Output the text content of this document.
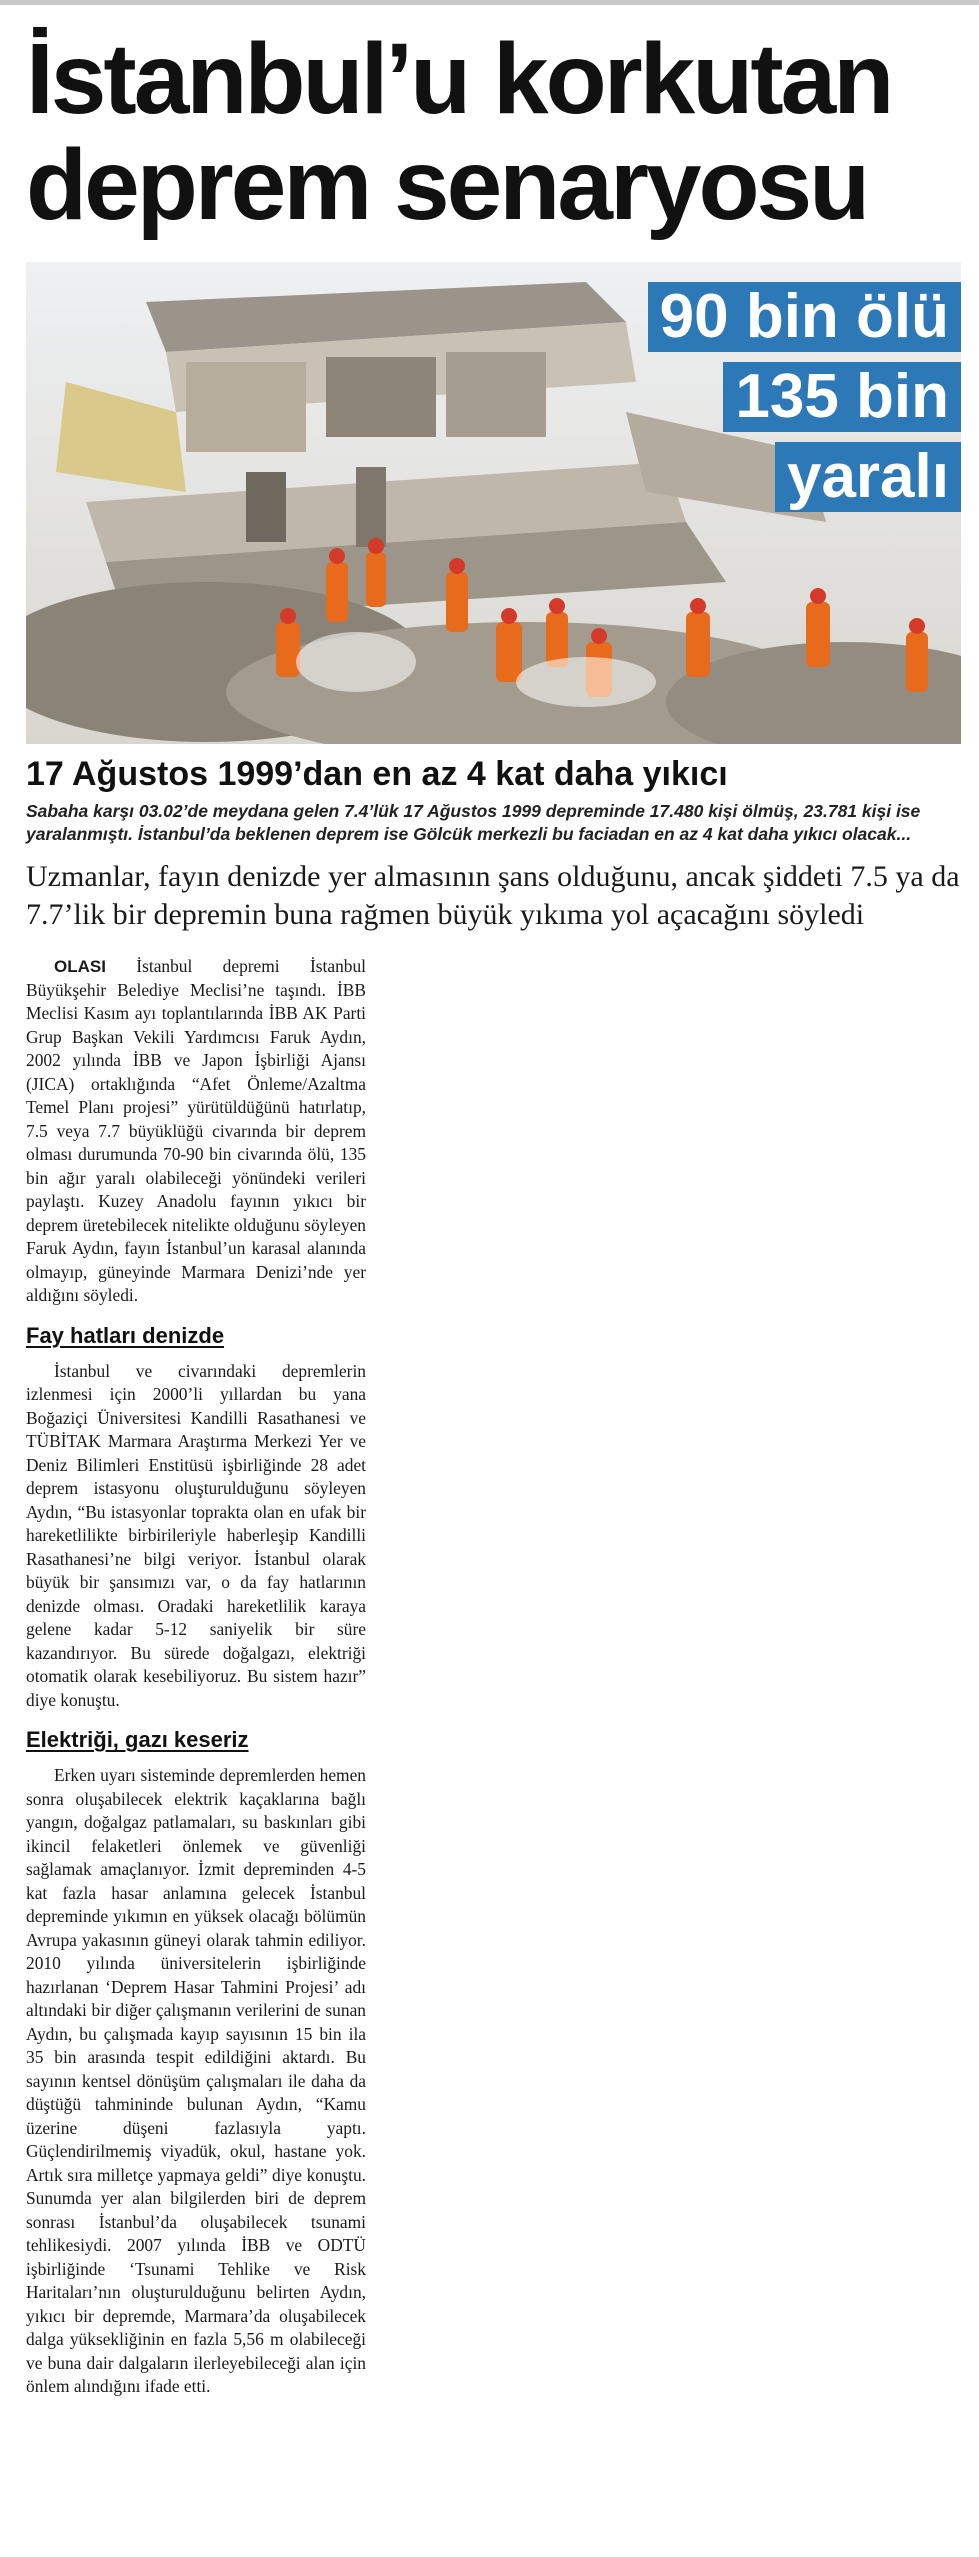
İstanbul’u korkutan deprem senaryosu
90 bin ölü
135 bin
yaralı
17 Ağustos 1999’dan en az 4 kat daha yıkıcı

Sabaha karşı 03.02’de meydana gelen 7.4’lük 17 Ağustos 1999 depreminde 17.480 kişi ölmüş, 23.781 kişi ise yaralanmıştı. İstanbul’da beklenen deprem ise Gölcük merkezli bu faciadan en az 4 kat daha yıkıcı olacak...

Uzmanlar, fayın denizde yer almasının şans olduğunu, ancak şiddeti 7.5 ya da 7.7’lik bir depremin buna rağmen büyük yıkıma yol açacağını söyledi

OLASI İstanbul depremi İstanbul Büyükşehir Belediye Meclisi’ne taşındı. İBB Meclisi Kasım ayı toplantılarında İBB AK Parti Grup Başkan Vekili Yardımcısı Faruk Aydın, 2002 yılında İBB ve Japon İşbirliği Ajansı (JICA) ortaklığında “Afet Önleme/Azaltma Temel Planı projesi” yürütüldüğünü hatırlatıp, 7.5 veya 7.7 büyüklüğü civarında bir deprem olması durumunda 70-90 bin civarında ölü, 135 bin ağır yaralı olabileceği yönündeki verileri paylaştı. Kuzey Anadolu fayının yıkıcı bir deprem üretebilecek nitelikte olduğunu söyleyen Faruk Aydın, fayın İstanbul’un karasal alanında olmayıp, güneyinde Marmara Denizi’nde yer aldığını söyledi.

Fay hatları denizde

İstanbul ve civarındaki depremlerin izlenmesi için 2000’li yıllardan bu yana Boğaziçi Üniversitesi Kandilli Rasathanesi ve TÜBİTAK Marmara Araştırma Merkezi Yer ve Deniz Bilimleri Enstitüsü işbirliğinde 28 adet deprem istasyonu oluşturulduğunu söyleyen Aydın, “Bu istasyonlar toprakta olan en ufak bir hareketlilikte birbirileriyle haberleşip Kandilli Rasathanesi’ne bilgi veriyor. İstanbul olarak büyük bir şansımızı var, o da fay hatlarının denizde olması. Oradaki hareketlilik karaya gelene kadar 5-12 saniyelik bir süre kazandırıyor. Bu sürede doğalgazı, elektriği otomatik olarak kesebiliyoruz. Bu sistem hazır” diye konuştu.

Elektriği, gazı keseriz

Erken uyarı sisteminde depremlerden hemen sonra oluşabilecek elektrik kaçaklarına bağlı yangın, doğalgaz patlamaları, su baskınları gibi ikincil felaketleri önlemek ve güvenliği sağlamak amaçlanıyor. İzmit depreminden 4-5 kat fazla hasar anlamına gelecek İstanbul depreminde yıkımın en yüksek olacağı bölümün Avrupa yakasının güneyi olarak tahmin ediliyor. 2010 yılında üniversitelerin işbirliğinde hazırlanan ‘Deprem Hasar Tahmini Projesi’ adı altındaki bir diğer çalışmanın verilerini de sunan Aydın, bu çalışmada kayıp sayısının 15 bin ila 35 bin arasında tespit edildiğini aktardı. Bu sayının kentsel dönüşüm çalışmaları ile daha da düştüğü tahmininde bulunan Aydın, “Kamu üzerine düşeni fazlasıyla yaptı. Güçlendirilmemiş viyadük, okul, hastane yok. Artık sıra milletçe yapmaya geldi” diye konuştu. Sunumda yer alan bilgilerden biri de deprem sonrası İstanbul’da oluşabilecek tsunami tehlikesiydi. 2007 yılında İBB ve ODTÜ işbirliğinde ‘Tsunami Tehlike ve Risk Haritaları’nın oluşturulduğunu belirten Aydın, yıkıcı bir depremde, Marmara’da oluşabilecek dalga yüksekliğinin en fazla 5,56 m olabileceği ve buna dair dalgaların ilerleyebileceği alan için önlem alındığını ifade etti.
